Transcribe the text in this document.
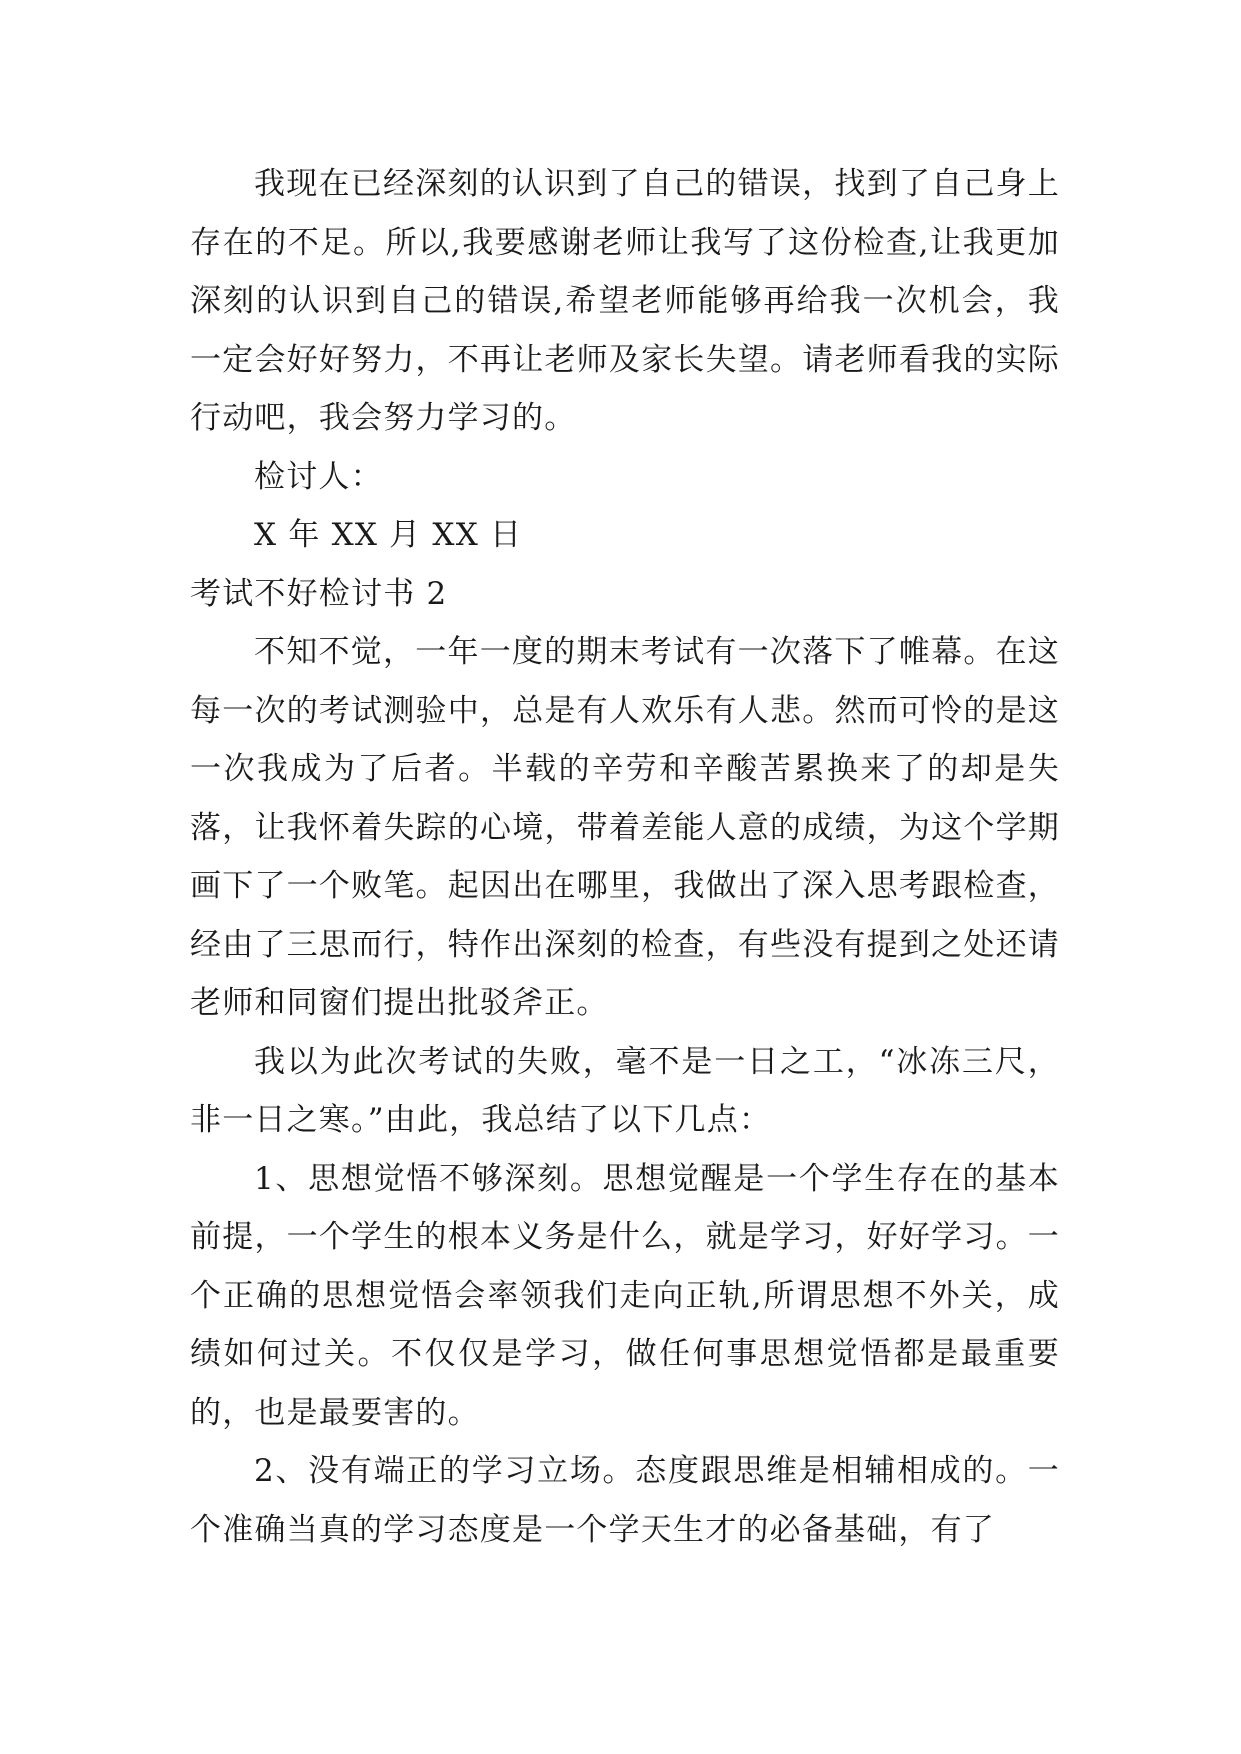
我现在已经深刻的认识到了自己的错误，找到了自己身上存在的不足。所以,我要感谢老师让我写了这份检查,让我更加深刻的认识到自己的错误,希望老师能够再给我一次机会，我一定会好好努力，不再让老师及家长失望。请老师看我的实际行动吧，我会努力学习的。

检讨人：

X 年 XX 月 XX 日

考试不好检讨书 2

不知不觉，一年一度的期末考试有一次落下了帷幕。在这每一次的考试测验中，总是有人欢乐有人悲。然而可怜的是这一次我成为了后者。半载的辛劳和辛酸苦累换来了的却是失落，让我怀着失踪的心境，带着差能人意的成绩，为这个学期画下了一个败笔。起因出在哪里，我做出了深入思考跟检查，经由了三思而行，特作出深刻的检查，有些没有提到之处还请老师和同窗们提出批驳斧正。

我以为此次考试的失败，毫不是一日之工，“冰冻三尺，非一日之寒。”由此，我总结了以下几点：

1、思想觉悟不够深刻。思想觉醒是一个学生存在的基本前提，一个学生的根本义务是什么，就是学习，好好学习。一个正确的思想觉悟会率领我们走向正轨,所谓思想不外关，成绩如何过关。不仅仅是学习，做任何事思想觉悟都是最重要的，也是最要害的。

2、没有端正的学习立场。态度跟思维是相辅相成的。一个准确当真的学习态度是一个学天生才的必备基础，有了
